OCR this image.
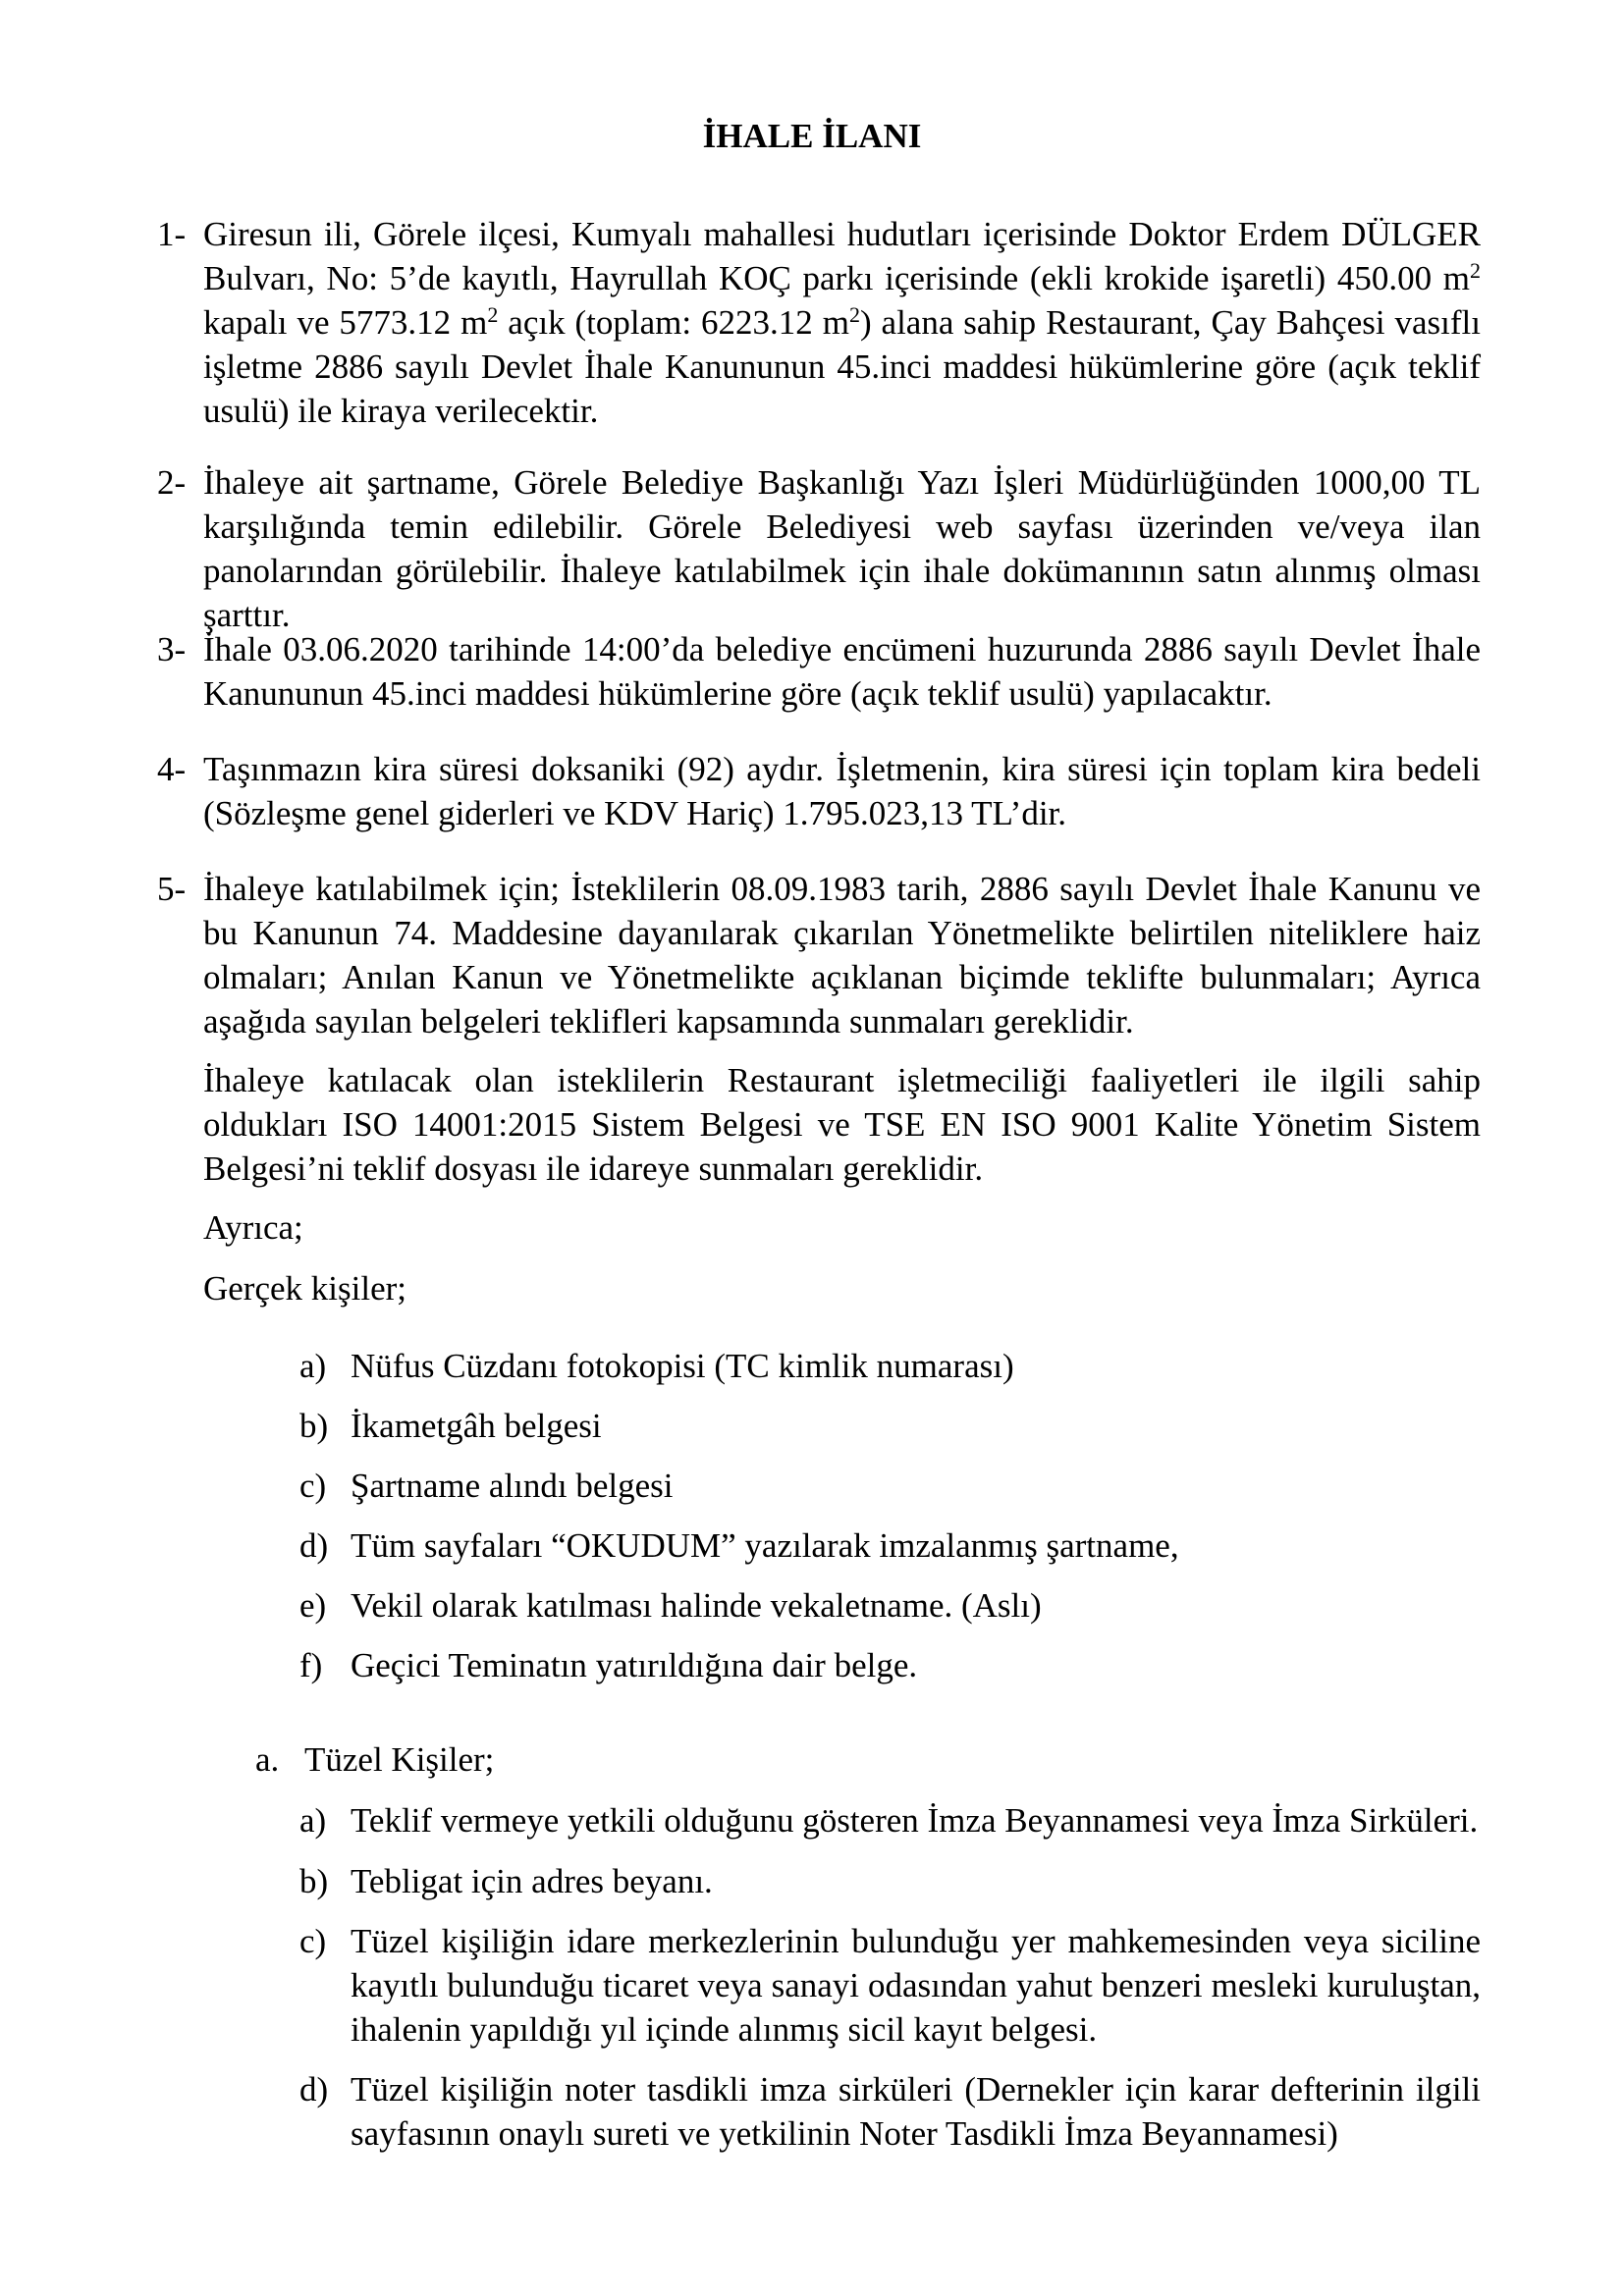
İHALE İLANI
1- Giresun ili, Görele ilçesi, Kumyalı mahallesi hudutları içerisinde Doktor Erdem DÜLGER Bulvarı, No: 5’de kayıtlı, Hayrullah KOÇ parkı içerisinde (ekli krokide işaretli) 450.00 $m^2$ kapalı ve 5773.12 $m^2$ açık (toplam: 6223.12 $m^2$) alana sahip Restaurant, Çay Bahçesi vasıflı işletme 2886 sayılı Devlet İhale Kanununun 45.inci maddesi hükümlerine göre (açık teklif usulü) ile kiraya verilecektir.
2- İhaleye ait şartname, Görele Belediye Başkanlığı Yazı İşleri Müdürlüğünden 1000,00 TL karşılığında temin edilebilir. Görele Belediyesi web sayfası üzerinden ve/veya ilan panolarından görülebilir. İhaleye katılabilmek için ihale dokümanının satın alınmış olması şarttır.
3- İhale 03.06.2020 tarihinde 14:00’da belediye encümeni huzurunda 2886 sayılı Devlet İhale Kanununun 45.inci maddesi hükümlerine göre (açık teklif usulü) yapılacaktır.
4- Taşınmazın kira süresi doksaniki (92) aydır. İşletmenin, kira süresi için toplam kira bedeli (Sözleşme genel giderleri ve KDV Hariç) 1.795.023,13 TL’dir.
5- İhaleye katılabilmek için; İsteklilerin 08.09.1983 tarih, 2886 sayılı Devlet İhale Kanunu ve bu Kanunun 74. Maddesine dayanılarak çıkarılan Yönetmelikte belirtilen niteliklere haiz olmaları; Anılan Kanun ve Yönetmelikte açıklanan biçimde teklifte bulunmaları; Ayrıca aşağıda sayılan belgeleri teklifleri kapsamında sunmaları gereklidir.
İhaleye katılacak olan isteklilerin Restaurant işletmeciliği faaliyetleri ile ilgili sahip oldukları ISO 14001:2015 Sistem Belgesi ve TSE EN ISO 9001 Kalite Yönetim Sistem Belgesi’ni teklif dosyası ile idareye sunmaları gereklidir.
Ayrıca;
Gerçek kişiler;
a) Nüfus Cüzdanı fotokopisi (TC kimlik numarası)
b) İkametgâh belgesi
c) Şartname alındı belgesi
d) Tüm sayfaları “OKUDUM” yazılarak imzalanmış şartname,
e) Vekil olarak katılması halinde vekaletname. (Aslı)
f) Geçici Teminatın yatırıldığına dair belge.
a. Tüzel Kişiler;
a) Teklif vermeye yetkili olduğunu gösteren İmza Beyannamesi veya İmza Sirküleri.
b) Tebligat için adres beyanı.
c) Tüzel kişiliğin idare merkezlerinin bulunduğu yer mahkemesinden veya siciline kayıtlı bulunduğu ticaret veya sanayi odasından yahut benzeri mesleki kuruluştan, ihalenin yapıldığı yıl içinde alınmış sicil kayıt belgesi.
d) Tüzel kişiliğin noter tasdikli imza sirküleri (Dernekler için karar defterinin ilgili sayfasının onaylı sureti ve yetkilinin Noter Tasdikli İmza Beyannamesi)
